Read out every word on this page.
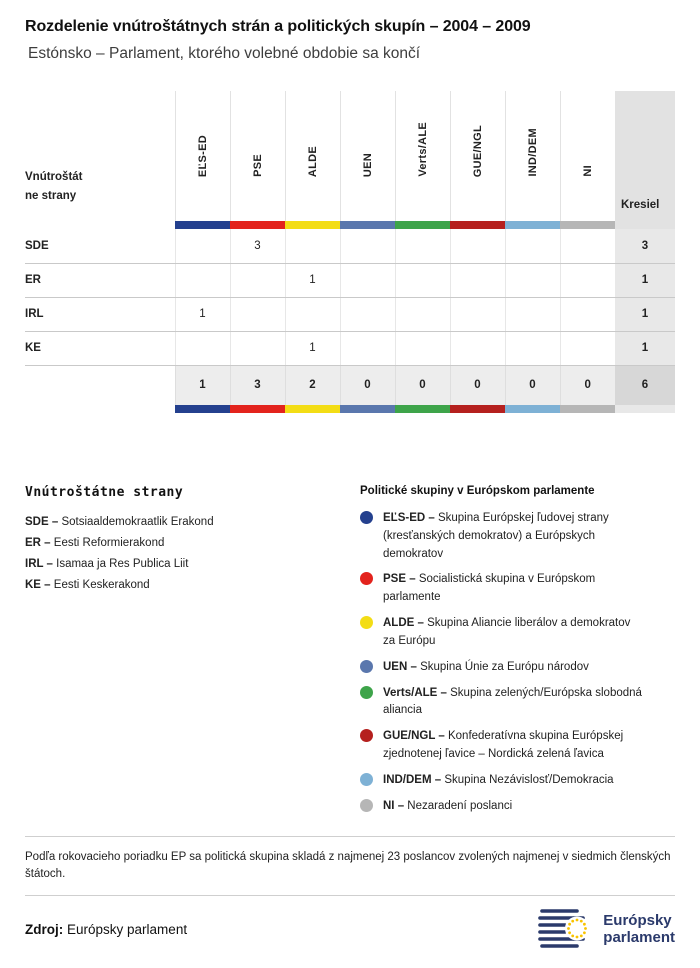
Rozdelenie vnútroštátnych strán a politických skupín – 2004 – 2009
Estónsko – Parlament, ktorého volebné obdobie sa končí
Vnútroštátne strany	EĽS-ED	PSE	ALDE	UEN	Verts/ALE	GUE/NGL	IND/DEM	NI	Kresiel

SDE		3							3
ER			1						1
IRL	1								1
KE			1						1
	1	3	2	0	0	0	0	0	6

Vnútroštátne strany
SDE – Sotsiaaldemokraatlik Erakond
ER – Eesti Reformierakond
IRL – Isamaa ja Res Publica Liit
KE – Eesti Keskerakond
Politické skupiny v Európskom parlamente
EĽS-ED – Skupina Európskej ľudovej strany (kresťanských demokratov) a Európskych demokratov
PSE – Socialistická skupina v Európskom parlamente
ALDE – Skupina Aliancie liberálov a demokratov za Európu
UEN – Skupina Únie za Európu národov
Verts/ALE – Skupina zelených/Európska slobodná aliancia
GUE/NGL – Konfederatívna skupina Európskej zjednotenej ľavice – Nordická zelená ľavica
IND/DEM – Skupina Nezávislosť/Demokracia
NI – Nezaradení poslanci

Podľa rokovacieho poriadku EP sa politická skupina skladá z najmenej 23 poslancov zvolených najmenej v siedmich členských štátoch.

Zdroj: Európsky parlament
Európsky
parlament
